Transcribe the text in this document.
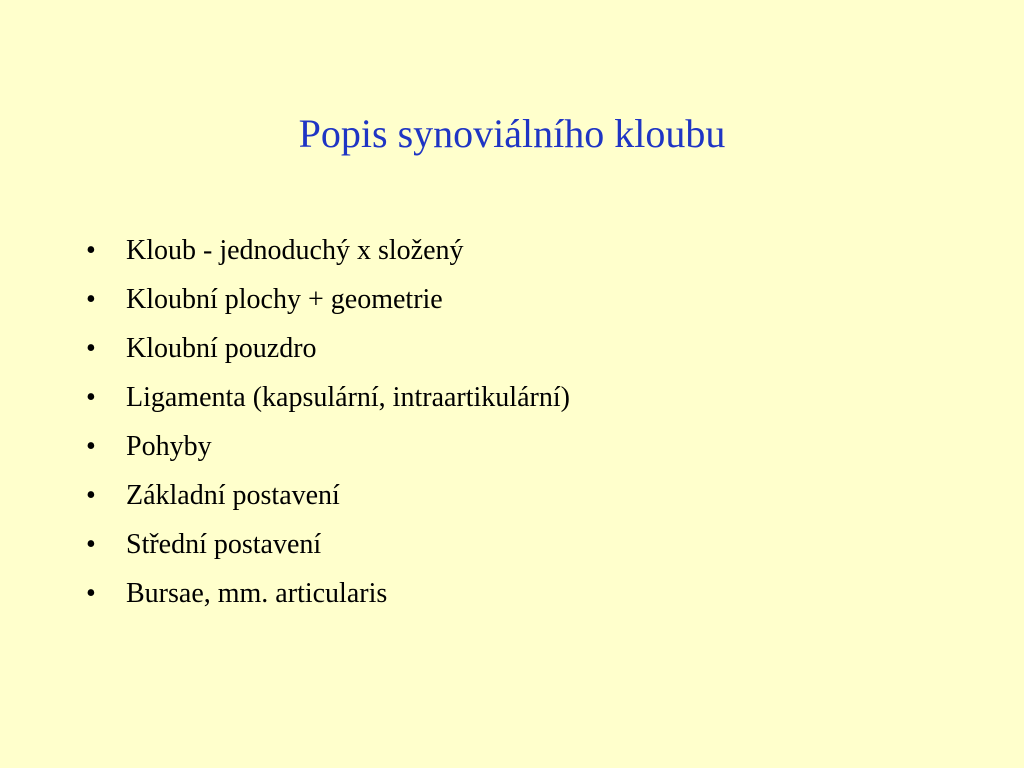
Popis synoviálního kloubu
•	Kloub - jednoduchý x složený
•	Kloubní plochy + geometrie
•	Kloubní pouzdro
•	Ligamenta (kapsulární, intraartikulární)
•	Pohyby
•	Základní postavení
•	Střední postavení
•	Bursae, mm. articularis
